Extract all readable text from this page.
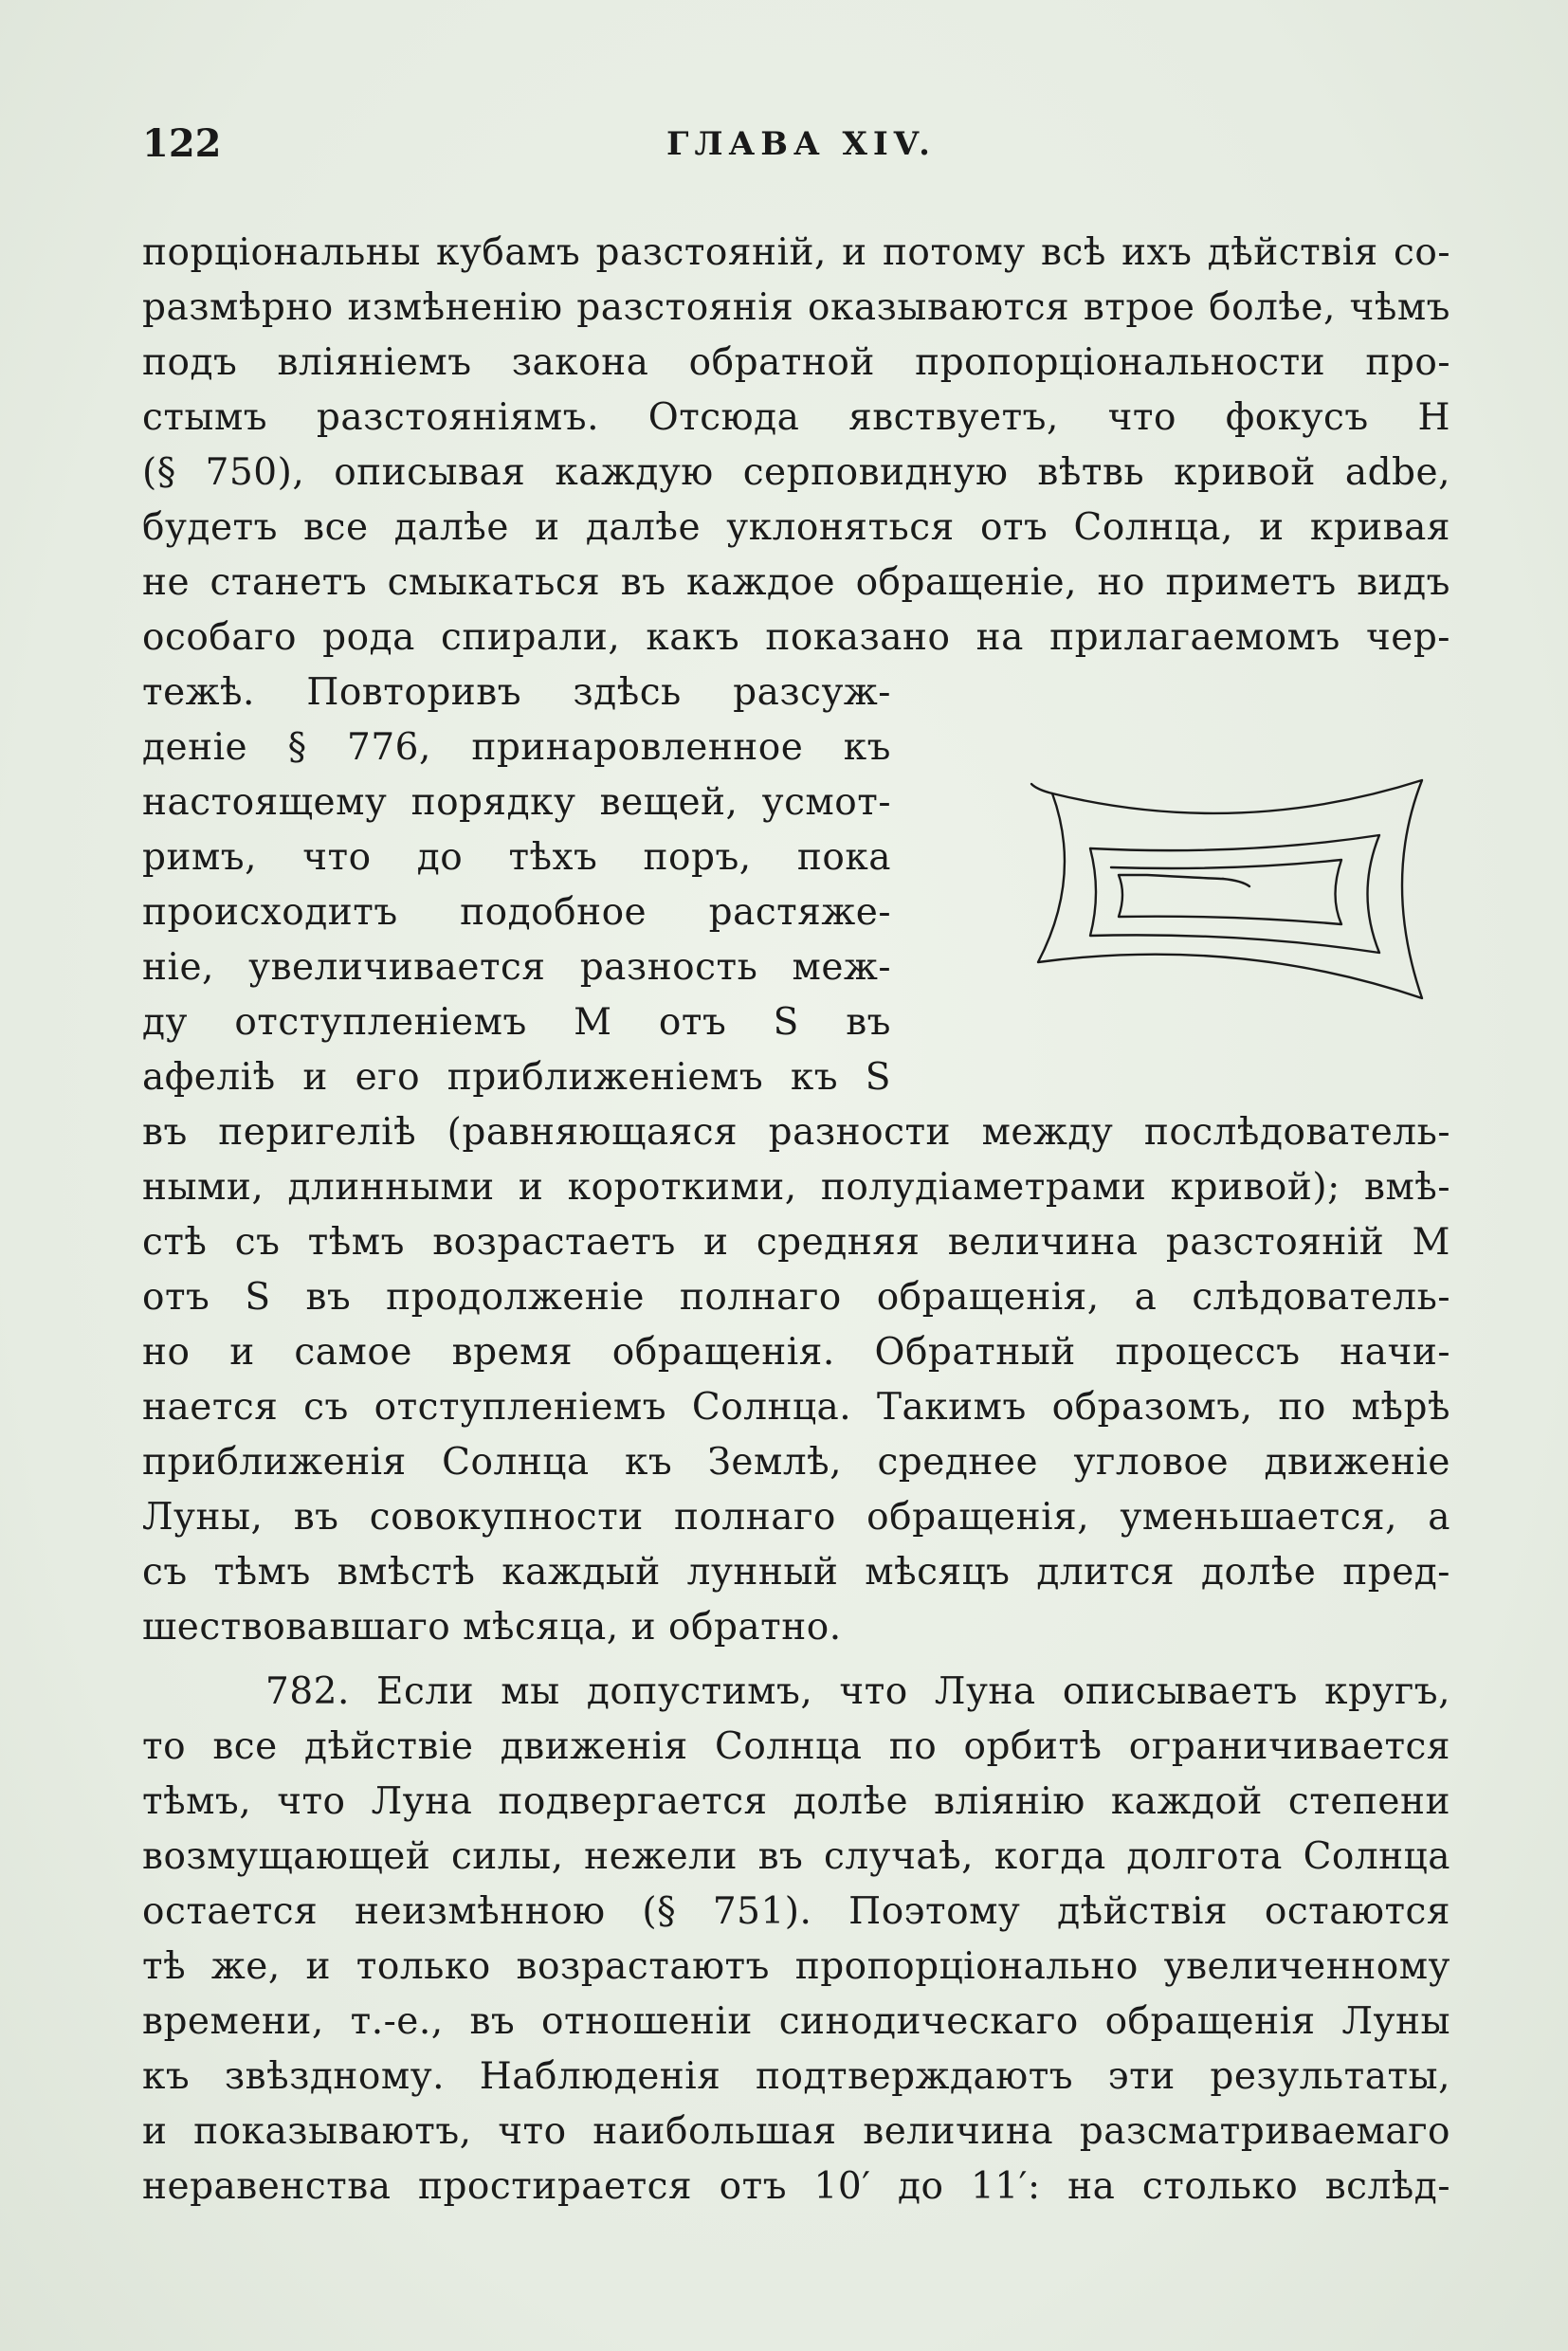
122	ГЛАВА XIV.
порціональны кубамъ разстояній, и потому всѣ ихъ дѣйствія со-
размѣрно измѣненію разстоянія оказываются втрое болѣе, чѣмъ
подъ вліяніемъ закона обратной пропорціональности про-
стымъ разстояніямъ. Отсюда явствуетъ, что фокусъ H
(§ 750), описывая каждую серповидную вѣтвь кривой adbe,
будетъ все далѣе и далѣе уклоняться отъ Солнца, и кривая
не станетъ смыкаться въ каждое обращеніе, но приметъ видъ
особаго рода спирали, какъ показано на прилагаемомъ чер-
тежѣ. Повторивъ здѣсь разсуж-
деніе § 776, принаровленное къ
настоящему порядку вещей, усмот-
римъ, что до тѣхъ поръ, пока
происходитъ подобное растяже-
ніе, увеличивается разность меж-
ду отступленіемъ M отъ S въ
афеліѣ и его приближеніемъ къ S
въ перигеліѣ (равняющаяся разности между послѣдователь-
ными, длинными и короткими, полудіаметрами кривой); вмѣ-
стѣ съ тѣмъ возрастаетъ и средняя величина разстояній M
отъ S въ продолженіе полнаго обращенія, а слѣдователь-
но и самое время обращенія. Обратный процессъ начи-
нается съ отступленіемъ Солнца. Такимъ образомъ, по мѣрѣ
приближенія Солнца къ Землѣ, среднее угловое движеніе
Луны, въ совокупности полнаго обращенія, уменьшается, а
съ тѣмъ вмѣстѣ каждый лунный мѣсяцъ длится долѣе пред-
шествовавшаго мѣсяца, и обратно.
782. Если мы допустимъ, что Луна описываетъ кругъ,
то все дѣйствіе движенія Солнца по орбитѣ ограничивается
тѣмъ, что Луна подвергается долѣе вліянію каждой степени
возмущающей силы, нежели въ случаѣ, когда долгота Солнца
остается неизмѣнною (§ 751). Поэтому дѣйствія остаются
тѣ же, и только возрастаютъ пропорціонально увеличенному
времени, т.-е., въ отношеніи синодическаго обращенія Луны
къ звѣздному. Наблюденія подтверждаютъ эти результаты,
и показываютъ, что наибольшая величина разсматриваемаго
неравенства простирается отъ 10′ до 11′: на столько вслѣд-
